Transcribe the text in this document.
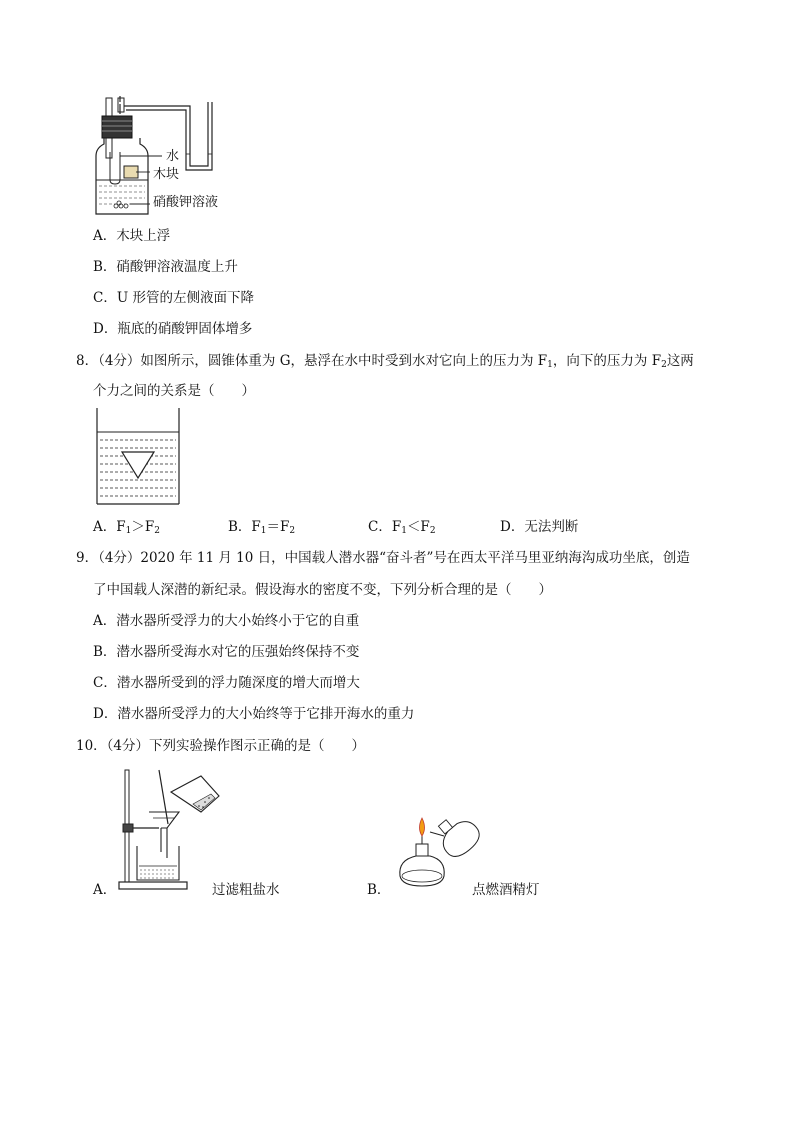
水
木块
硝酸钾溶液
A．木块上浮
B．硝酸钾溶液温度上升
C．U 形管的左侧液面下降
D．瓶底的硝酸钾固体增多
8．（4分）如图所示，圆锥体重为 G，悬浮在水中时受到水对它向上的压力为 $F_1$，向下的压力为 $F_2$这两
个力之间的关系是（　　）
A．$F_1>F_2$	B．$F_1=F_2$	C．$F_1<F_2$	D．无法判断
9．（4分）2020 年 11 月 10 日，中国载人潜水器“奋斗者”号在西太平洋马里亚纳海沟成功坐底，创造
了中国载人深潜的新纪录。假设海水的密度不变，下列分析合理的是（　　）
A．潜水器所受浮力的大小始终小于它的自重
B．潜水器所受海水对它的压强始终保持不变
C．潜水器所受到的浮力随深度的增大而增大
D．潜水器所受浮力的大小始终等于它排开海水的重力
10．（4分）下列实验操作图示正确的是（　　）
A．	过滤粗盐水	B．	点燃酒精灯
